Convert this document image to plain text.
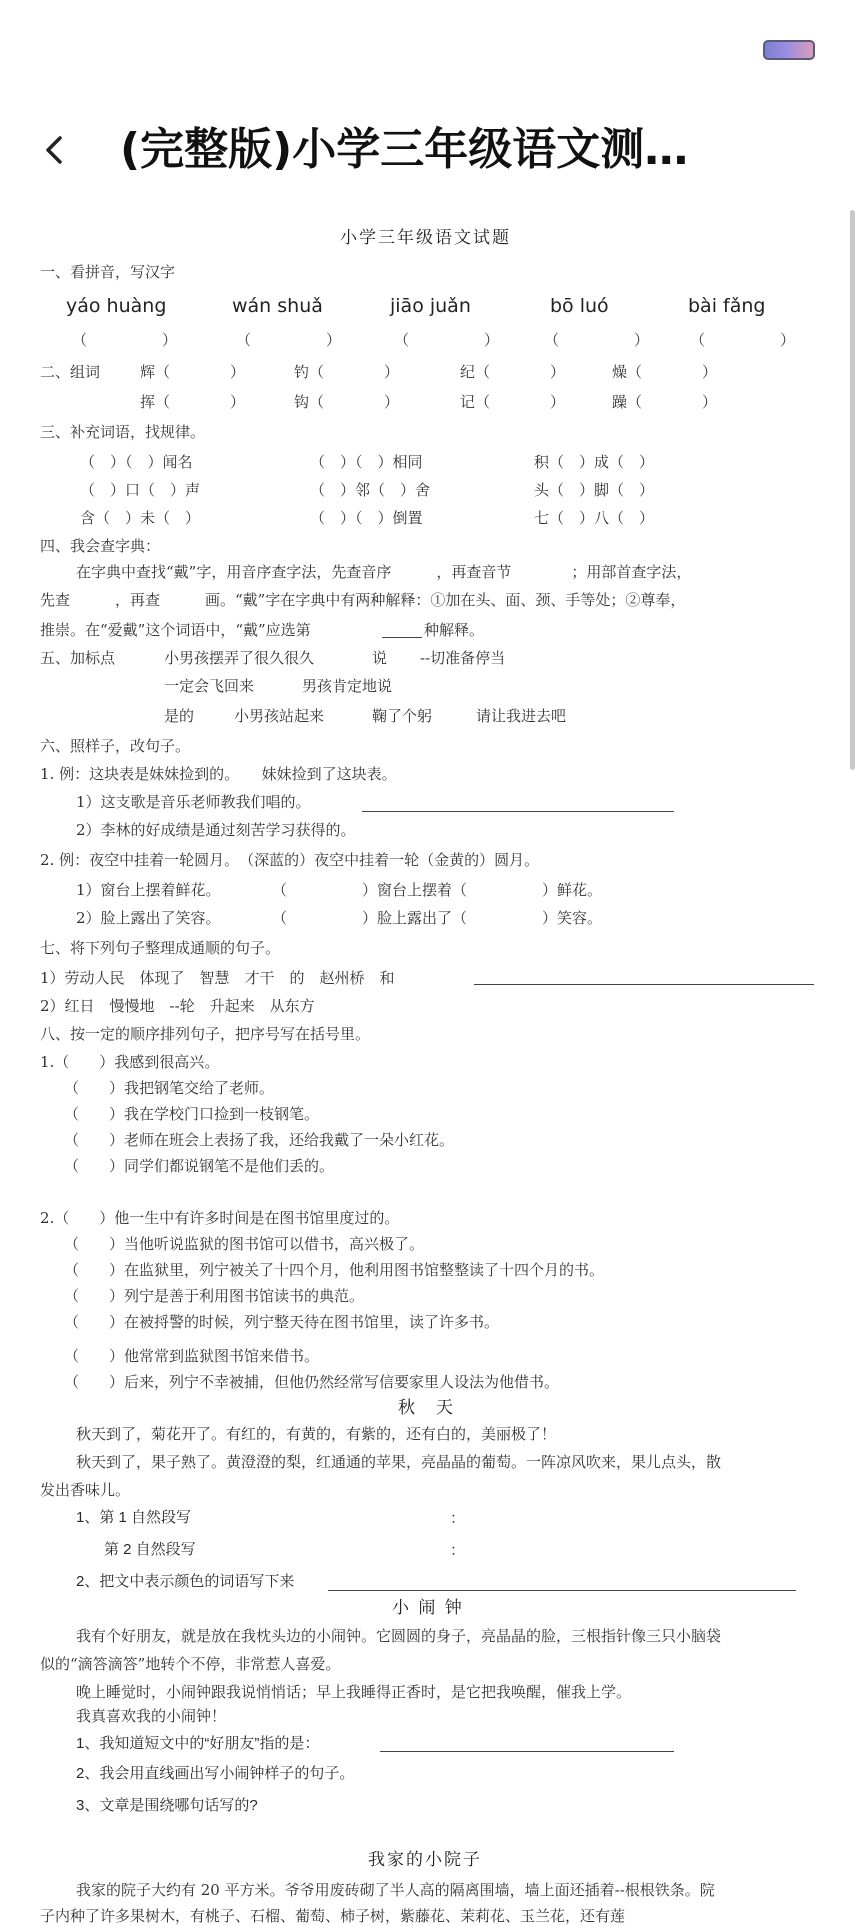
(完整版)小学三年级语文测…
小学三年级语文试题
一、看拼音，写汉字
yáo huàng	wán shuǎ	jiāo juǎn	bō luó	bài fǎng
（　　　　　）	（　　　　　）	（　　　　　）	（　　　　　）	（　　　　　）
二、组词	辉（　　　　）	钓（　　　　）	纪（　　　　）	燥（　　　　）
挥（　　　　）	钩（　　　　）	记（　　　　）	躁（　　　　）
三、补充词语，找规律。
（　）（　）闻名	（　）（　）相同	积（　）成（　）
（　）口（　）声	（　）邻（　）舍	头（　）脚（　）
含（　）未（　）	（　）（　）倒置	七（　）八（　）
四、我会查字典：
在字典中查找“戴”字，用音序查字法，先查音序　　　，再查音节　　　　；用部首查字法，
先查　　　，再查　　　画。“戴”字在字典中有两种解释：①加在头、面、颈、手等处；②尊奉，
推崇。在“爱戴”这个词语中，“戴”应选第	种解释。
五、加标点	小男孩摆弄了很久很久	说 --切准备停当
一定会飞回来	男孩肯定地说
是的	小男孩站起来	鞠了个躬	请让我进去吧
六、照样子，改句子。
1. 例：这块表是妹妹捡到的。　　妹妹捡到了这块表。
1）这支歌是音乐老师教我们唱的。
2）李林的好成绩是通过刻苦学习获得的。
2. 例：夜空中挂着一轮圆月。　（深蓝的）夜空中挂着一轮（金黄的）圆月。
1）窗台上摆着鲜花。	（　　　　　）窗台上摆着（　　　　　）鲜花。
2）脸上露出了笑容。	（　　　　　）脸上露出了（　　　　　）笑容。
七、将下列句子整理成通顺的句子。
1）劳动人民　体现了　智慧　才干　的　赵州桥　和
2）红日　慢慢地　--轮　升起来　从东方
八、按一定的顺序排列句子，把序号写在括号里。
1.（　　）我感到很高兴。
（　　）我把钢笔交给了老师。
（　　）我在学校门口捡到一枝钢笔。
（　　）老师在班会上表扬了我，还给我戴了一朵小红花。
（　　）同学们都说钢笔不是他们丢的。
2.（　　）他一生中有许多时间是在图书馆里度过的。
（　　）当他听说监狱的图书馆可以借书，高兴极了。
（　　）在监狱里，列宁被关了十四个月，他利用图书馆整整读了十四个月的书。
（　　）列宁是善于利用图书馆读书的典范。
（　　）在被捋警的时候，列宁整天待在图书馆里，读了许多书。
（　　）他常常到监狱图书馆来借书。
（　　）后来，列宁不幸被捕，但他仍然经常写信要家里人设法为他借书。
秋　天
秋天到了，菊花开了。有红的，有黄的，有紫的，还有白的，美丽极了！
秋天到了，果子熟了。黄澄澄的梨，红通通的苹果，亮晶晶的葡萄。一阵凉风吹来，果儿点头，散
发出香味儿。
1、第 1 自然段写	：
第 2 自然段写	：
2、把文中表示颜色的词语写下来
小 闹 钟
我有个好朋友，就是放在我枕头边的小闹钟。它圆圆的身子，亮晶晶的脸，三根指针像三只小脑袋
似的“滴答滴答”地转个不停，非常惹人喜爱。
晚上睡觉时，小闹钟跟我说悄悄话；早上我睡得正香时，是它把我唤醒，催我上学。
我真喜欢我的小闹钟！
1、我知道短文中的“好朋友”指的是：
2、我会用直线画出写小闹钟样子的句子。
3、文章是围绕哪句话写的?
我家的小院子
我家的院子大约有 20 平方米。爷爷用废砖砌了半人高的隔离围墙，墙上面还插着--根根铁条。院
子内种了许多果树木，有桃子、石榴、葡萄、柿子树，紫藤花、茉莉花、玉兰花，还有莲
